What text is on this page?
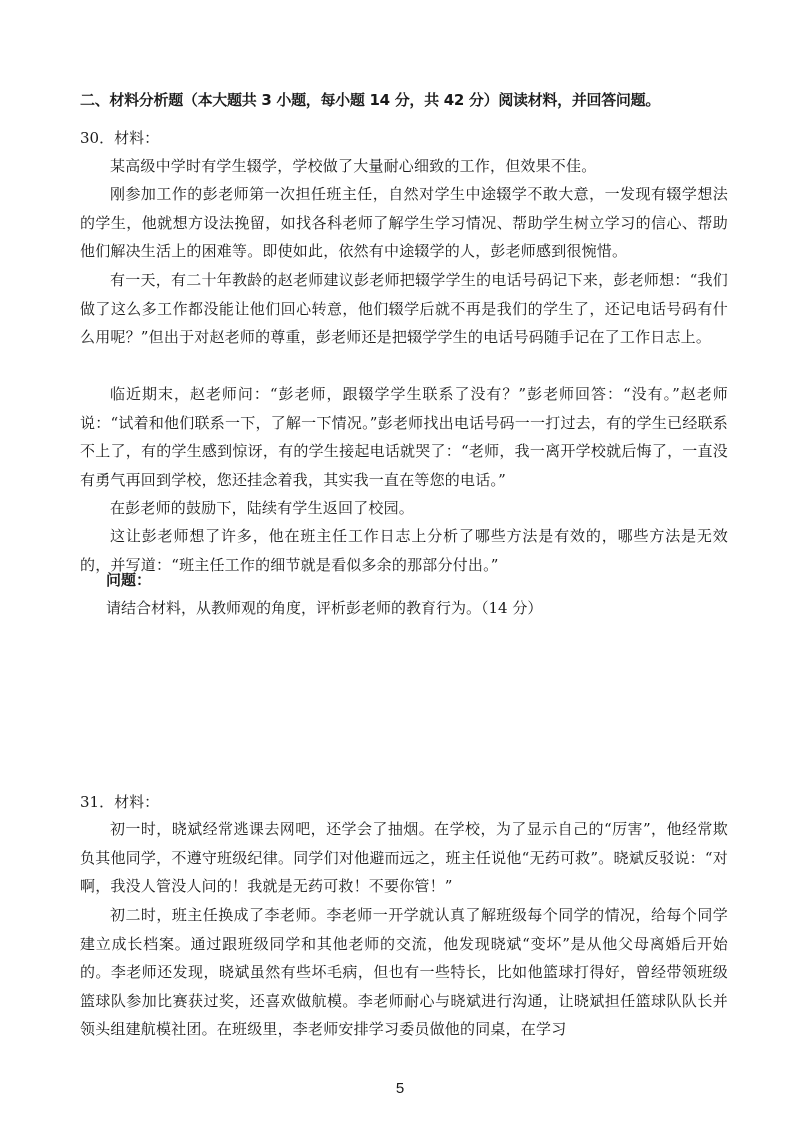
二、材料分析题（本大题共 3 小题，每小题 14 分，共 42 分）阅读材料，并回答问题。
30．材料：
某高级中学时有学生辍学，学校做了大量耐心细致的工作，但效果不佳。
刚参加工作的彭老师第一次担任班主任，自然对学生中途辍学不敢大意，一发现有辍学想法的学生，他就想方设法挽留，如找各科老师了解学生学习情况、帮助学生树立学习的信心、帮助他们解决生活上的困难等。即使如此，依然有中途辍学的人，彭老师感到很惋惜。
有一天，有二十年教龄的赵老师建议彭老师把辍学学生的电话号码记下来，彭老师想：“我们做了这么多工作都没能让他们回心转意，他们辍学后就不再是我们的学生了，还记电话号码有什么用呢？”但出于对赵老师的尊重，彭老师还是把辍学学生的电话号码随手记在了工作日志上。
临近期末，赵老师问：“彭老师，跟辍学学生联系了没有？”彭老师回答：“没有。”赵老师说：“试着和他们联系一下，了解一下情况。”彭老师找出电话号码一一打过去，有的学生已经联系不上了，有的学生感到惊讶，有的学生接起电话就哭了：“老师，我一离开学校就后悔了，一直没有勇气再回到学校，您还挂念着我，其实我一直在等您的电话。”
在彭老师的鼓励下，陆续有学生返回了校园。
这让彭老师想了许多，他在班主任工作日志上分析了哪些方法是有效的，哪些方法是无效的，并写道：“班主任工作的细节就是看似多余的那部分付出。”
问题：
请结合材料，从教师观的角度，评析彭老师的教育行为。（14 分）
31．材料：
初一时，晓斌经常逃课去网吧，还学会了抽烟。在学校，为了显示自己的“厉害”，他经常欺负其他同学，不遵守班级纪律。同学们对他避而远之，班主任说他“无药可救”。晓斌反驳说：“对啊，我没人管没人问的！我就是无药可救！不要你管！”
初二时，班主任换成了李老师。李老师一开学就认真了解班级每个同学的情况，给每个同学建立成长档案。通过跟班级同学和其他老师的交流，他发现晓斌“变坏”是从他父母离婚后开始的。李老师还发现，晓斌虽然有些坏毛病，但也有一些特长，比如他篮球打得好，曾经带领班级篮球队参加比赛获过奖，还喜欢做航模。李老师耐心与晓斌进行沟通，让晓斌担任篮球队队长并领头组建航模社团。在班级里，李老师安排学习委员做他的同桌，在学习
5
